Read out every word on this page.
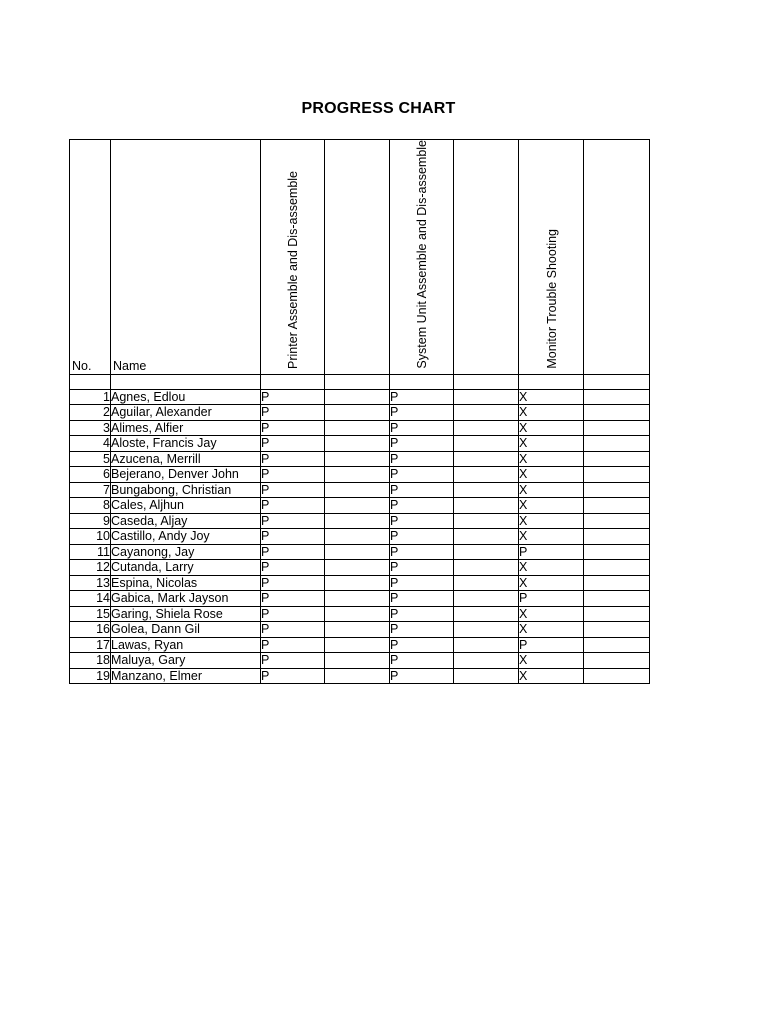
PROGRESS CHART
No.	Name	Printer Assemble and Dis-assemble		System Unit Assemble and Dis-assemble		Monitor Trouble Shooting	

1	Agnes, Edlou	P		P		X	
2	Aguilar, Alexander	P		P		X	
3	Alimes, Alfier	P		P		X	
4	Aloste, Francis Jay	P		P		X	
5	Azucena, Merrill	P		P		X	
6	Bejerano, Denver John	P		P		X	
7	Bungabong, Christian	P		P		X	
8	Cales, Aljhun	P		P		X	
9	Caseda, Aljay	P		P		X	
10	Castillo, Andy Joy	P		P		X	
11	Cayanong, Jay	P		P		P	
12	Cutanda, Larry	P		P		X	
13	Espina, Nicolas	P		P		X	
14	Gabica, Mark Jayson	P		P		P	
15	Garing, Shiela Rose	P		P		X	
16	Golea, Dann Gil	P		P		X	
17	Lawas, Ryan	P		P		P	
18	Maluya, Gary	P		P		X	
19	Manzano, Elmer	P		P		X	
